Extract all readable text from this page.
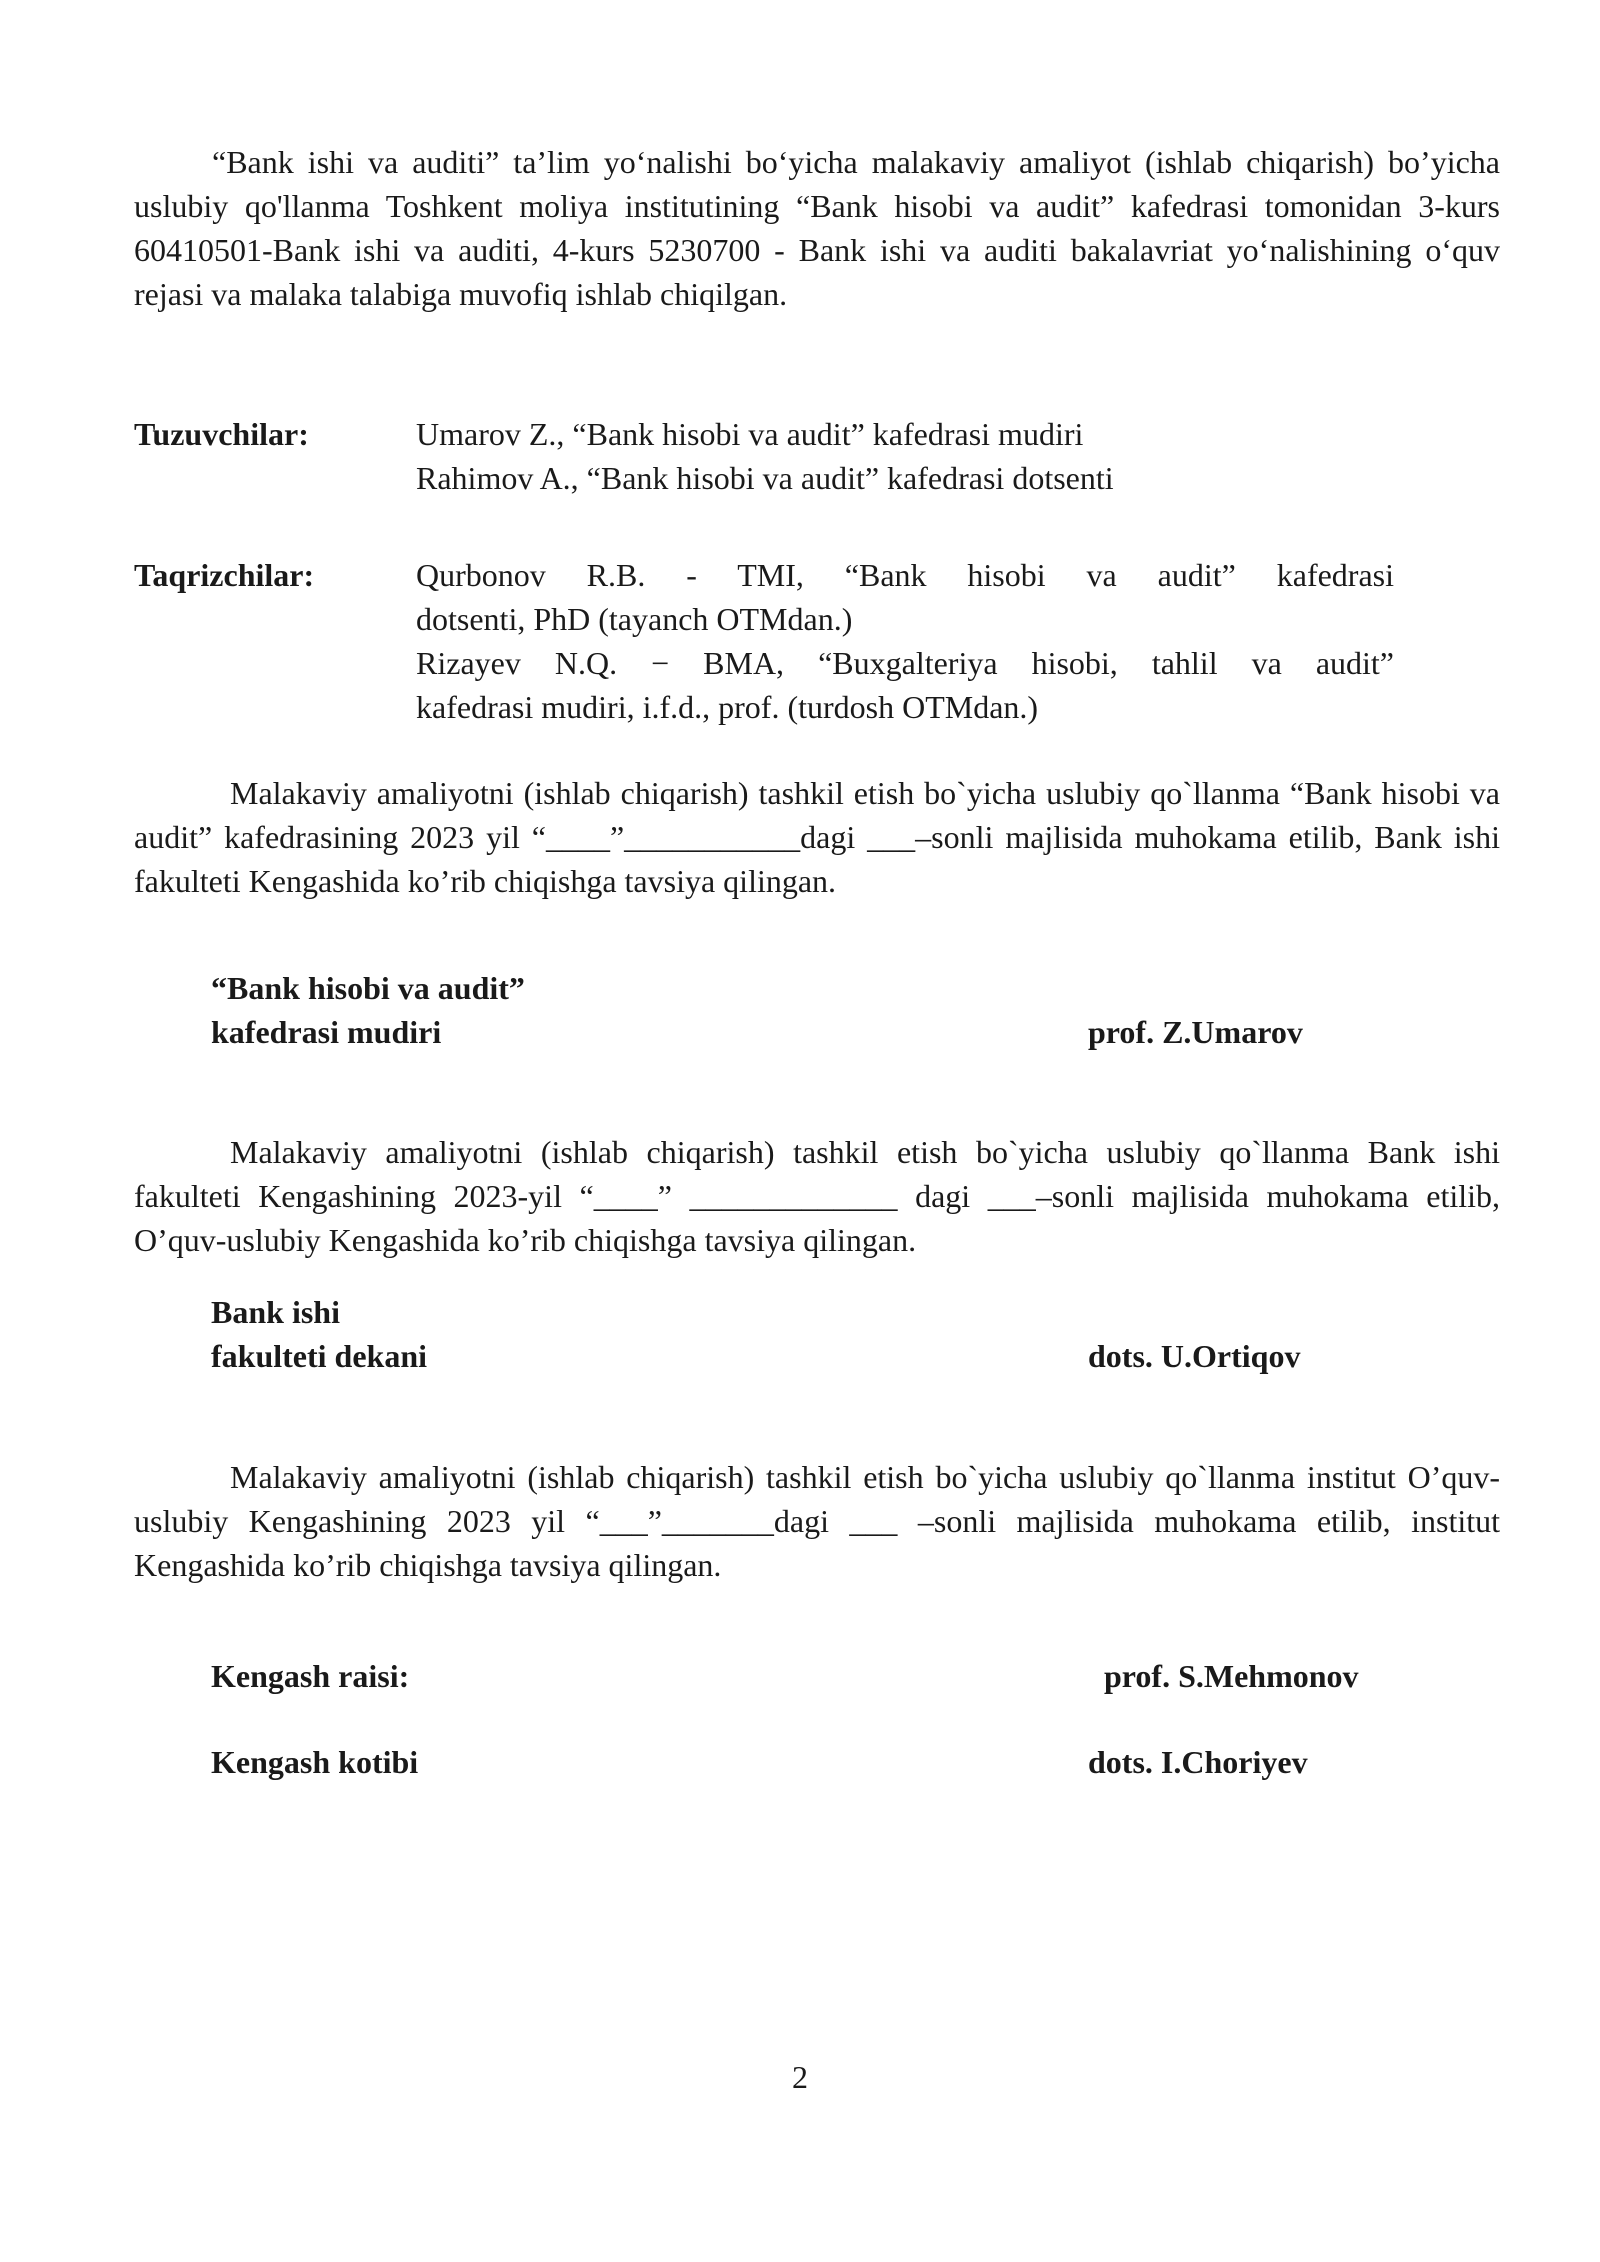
“Bank ishi va auditi” ta’lim yo‘nalishi bo‘yicha malakaviy amaliyot (ishlab chiqarish) bo’yicha uslubiy qo'llanma Toshkent moliya institutining “Bank hisobi va audit” kafedrasi tomonidan 3-kurs 60410501-Bank ishi va auditi, 4-kurs 5230700 - Bank ishi va auditi bakalavriat yo‘nalishining o‘quv rejasi va malaka talabiga muvofiq ishlab chiqilgan.

Tuzuvchilar:	Umarov Z., “Bank hisobi va audit” kafedrasi mudiri
Rahimov A., “Bank hisobi va audit” kafedrasi dotsenti
Taqrizchilar:	Qurbonov R.B. - TMI, “Bank hisobi va audit” kafedrasi
dotsenti, PhD (tayanch OTMdan.)
Rizayev N.Q. − BMA, “Buxgalteriya hisobi, tahlil va audit”
kafedrasi mudiri, i.f.d., prof. (turdosh OTMdan.)

Malakaviy amaliyotni (ishlab chiqarish) tashkil etish bo`yicha uslubiy qo`llanma “Bank hisobi va audit” kafedrasining 2023 yil “____”___________dagi ___–sonli majlisida muhokama etilib, Bank ishi fakulteti Kengashida ko’rib chiqishga tavsiya qilingan.

“Bank hisobi va audit”
kafedrasi mudiri	prof. Z.Umarov

Malakaviy amaliyotni (ishlab chiqarish) tashkil etish bo`yicha uslubiy qo`llanma Bank ishi fakulteti Kengashining 2023-yil “____” _____________ dagi ___–sonli majlisida muhokama etilib, O’quv-uslubiy Kengashida ko’rib chiqishga tavsiya qilingan.

Bank ishi
fakulteti dekani	dots. U.Ortiqov

Malakaviy amaliyotni (ishlab chiqarish) tashkil etish bo`yicha uslubiy qo`llanma institut O’quv-uslubiy Kengashining 2023 yil “___”_______dagi ___ –sonli majlisida muhokama etilib, institut Kengashida ko’rib chiqishga tavsiya qilingan.

Kengash raisi:	prof. S.Mehmonov
Kengash kotibi	dots. I.Choriyev
2
